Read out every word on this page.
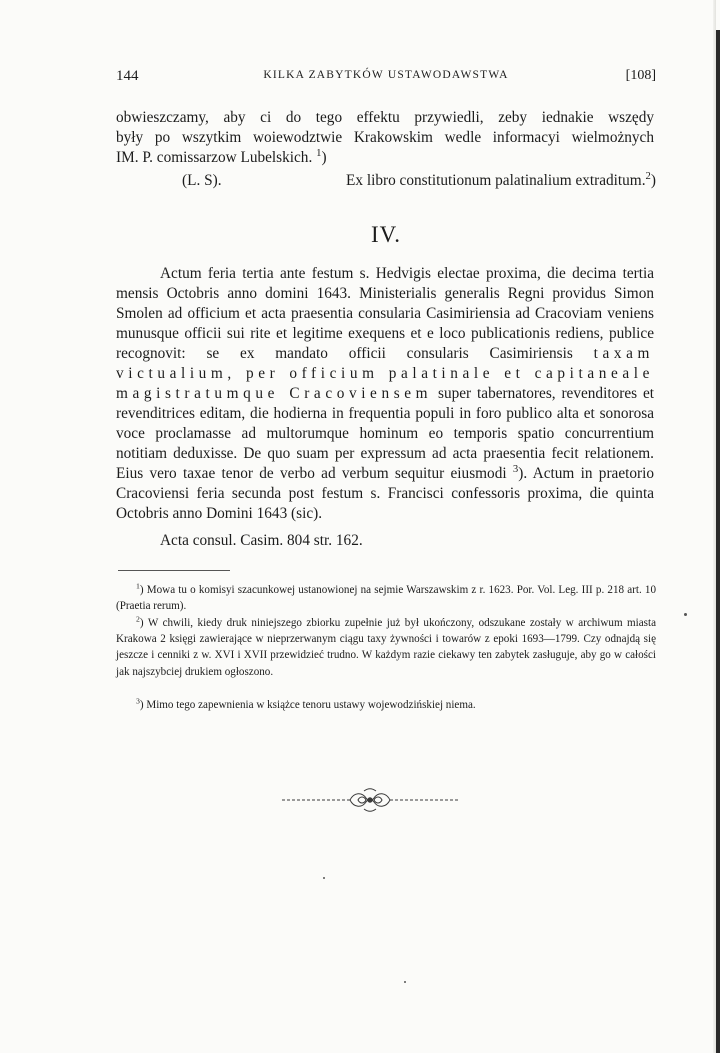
144	KILKA ZABYTKÓW USTAWODAWSTWA	[108]
obwieszczamy, aby ci do tego effektu przywiedli, zeby iednakie wszędy
były po wszytkim woiewodztwie Krakowskim wedle informacyi wielmożnych
IM. P. comissarzow Lubelskich. $^1$)
(L. S).	Ex libro constitutionum palatinalium extraditum.$^2$)
IV.
Actum feria tertia ante festum s. Hedvigis electae proxima, die decima tertia mensis Octobris anno domini 1643. Ministerialis generalis Regni providus Simon Smolen ad officium et acta praesentia consularia Casimiriensia ad Cracoviam veniens munusque officii sui rite et legitime exequens et e loco publicationis rediens, publice recognovit: se ex mandato officii consularis Casimiriensis taxam victualium, per officium palatinale et capitaneale magistratumque Cracoviensem super tabernatores, revenditores et revenditrices editam, die hodierna in frequentia populi in foro publico alta et sonorosa voce proclamasse ad multorumque hominum eo temporis spatio concurrentium notitiam deduxisse. De quo suam per expressum ad acta praesentia fecit relationem. Eius vero taxae tenor de verbo ad verbum sequitur eiusmodi $^3$). Actum in praetorio Cracoviensi feria secunda post festum s. Francisci confessoris proxima, die quinta Octobris anno Domini 1643 (sic).
Acta consul. Casim. 804 str. 162.
$^1$) Mowa tu o komisyi szacunkowej ustanowionej na sejmie Warszawskim z r. 1623. Por. Vol. Leg. III p. 218 art. 10 (Praetia rerum).
$^2$) W chwili, kiedy druk niniejszego zbiorku zupełnie już był ukończony, odszukane zostały w archiwum miasta Krakowa 2 księgi zawierające w nieprzerwanym ciągu taxy żywności i towarów z epoki 1693—1799. Czy odnajdą się jeszcze i cenniki z w. XVI i XVII przewidzieć trudno. W każdym razie ciekawy ten zabytek zasługuje, aby go w całości jak najszybciej drukiem ogłoszono.
$^3$) Mimo tego zapewnienia w książce tenoru ustawy wojewodzińskiej niema.
